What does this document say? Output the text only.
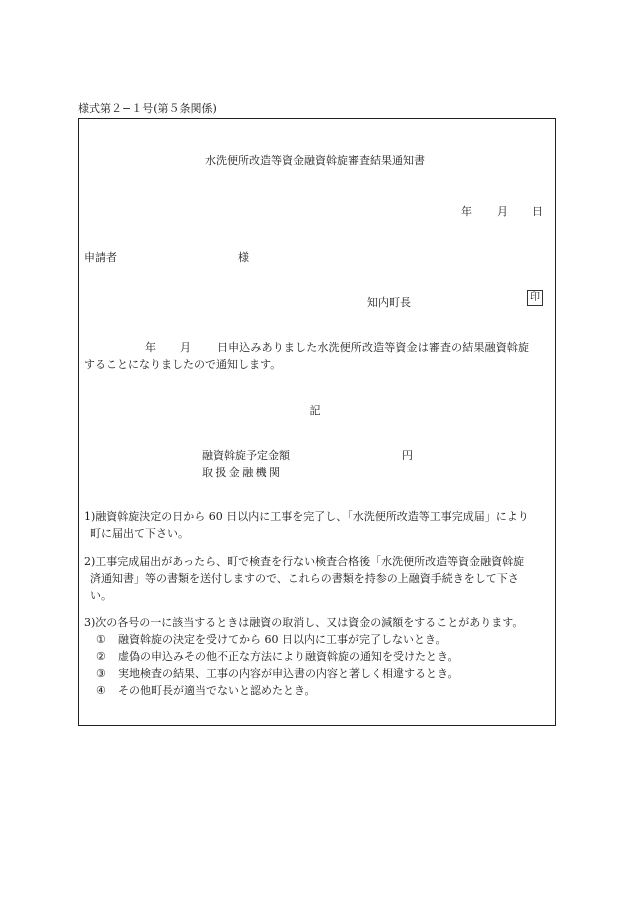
様式第２−１号(第５条関係)
水洗便所改造等資金融資斡旋審査結果通知書
年 月 日
申請者	様
知内町長	印
年 月 日申込みありました水洗便所改造等資金は審査の結果融資斡旋
することになりましたので通知します。
記
融資斡旋予定金額	円
取扱金融機関
1)融資斡旋決定の日から 60 日以内に工事を完了し、「水洗便所改造等工事完成届」により
町に届出て下さい。
2)工事完成届出があったら、町で検査を行ない検査合格後「水洗便所改造等資金融資斡旋
済通知書」等の書類を送付しますので、これらの書類を持参の上融資手続きをして下さ
い。
3)次の各号の一に該当するときは融資の取消し、又は資金の減額をすることがあります。
① 融資斡旋の決定を受けてから 60 日以内に工事が完了しないとき。
② 虚偽の申込みその他不正な方法により融資斡旋の通知を受けたとき。
③ 実地検査の結果、工事の内容が申込書の内容と著しく相違するとき。
④ その他町長が適当でないと認めたとき。
